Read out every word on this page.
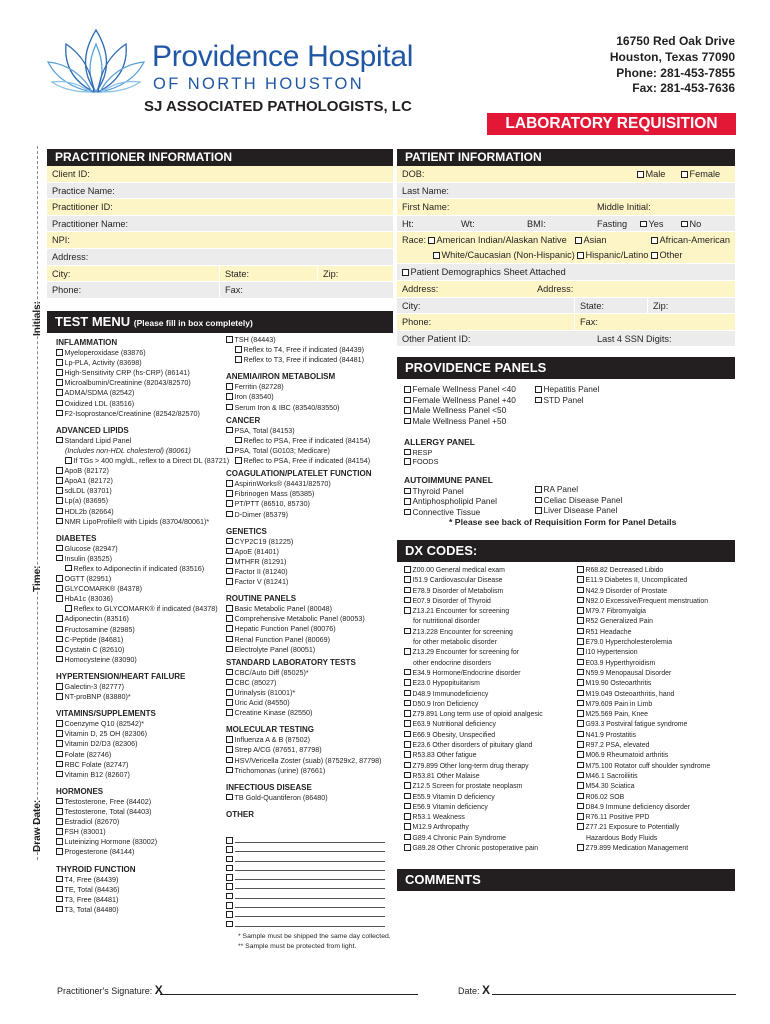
Providence Hospital
OF NORTH HOUSTON
SJ ASSOCIATED PATHOLOGISTS, LC
16750 Red Oak Drive
Houston, Texas 77090
Phone: 281-453-7855
Fax: 281-453-7636
LABORATORY REQUISITION
Initials:
Time:
Draw Date:
PRACTITIONER INFORMATION
Client ID:
Practice Name:
Practitioner ID:
Practitioner Name:
NPI:
Address:
City:	State:	Zip:
Phone:	Fax:
PATIENT INFORMATION
DOB:	Male	Female
Last Name:
First Name:	Middle Initial:
Ht:	Wt:	BMI:	Fasting	Yes	No
Race:	American Indian/Alaskan Native	Asian	African-American
White/Caucasian (Non-Hispanic)	Hispanic/Latino	Other
Patient Demographics Sheet Attached
Address:	Address:
City:	State:	Zip:
Phone:	Fax:
Other Patient ID:	Last 4 SSN Digits:
TEST MENU (Please fill in box completely)
INFLAMMATION
Myeloperoxidase (83876)
Lp-PLA, Activity (83698)
High-Sensitivity CRP (hs-CRP) (86141)
Microalbumin/Creatinine (82043/82570)
ADMA/SDMA (82542)
Oxidized LDL (83516)
F2-Isoprostance/Creatinine (82542/82570)
ADVANCED LIPIDS
Standard Lipid Panel
(Includes non-HDL cholesterol) (80061)
If TGs > 400 mg/dL, reflex to a Direct DL (83721)
ApoB (82172)
ApoA1 (82172)
sdLDL (83701)
Lp(a) (83695)
HDL2b (82664)
NMR LipoProfile® with Lipids (83704/80061)*
DIABETES
Glucose (82947)
Insulin (83525)
Reflex to Adiponectin if indicated (83516)
OGTT (82951)
GLYCOMARK® (84378)
HbA1c (83036)
Reflex to GLYCOMARK® if indicated (84378)
Adiponectin (83516)
Fructosamine (82985)
C-Peptide (84681)
Cystatin C (82610)
Homocysteine (83090)
HYPERTENSION/HEART FAILURE
Galectin-3 (82777)
NT-proBNP (83880)*
VITAMINS/SUPPLEMENTS
Coenzyme Q10 (82542)*
Vitamin D, 25 OH (82306)
Vitamin D2/D3 (82306)
Folate (82746)
RBC Folate (82747)
Vitamin B12 (82607)
HORMONES
Testosterone, Free (84402)
Testosterone, Total (84403)
Estradiol (82670)
FSH (83001)
Luteinizing Hormone (83002)
Progesterone (84144)
THYROID FUNCTION
T4, Free (84439)
TE, Total (84436)
T3, Free (84481)
T3, Total (84480)
TSH (84443)
Reflex to T4, Free if indicated (84439)
Reflex to T3, Free if indicated (84481)
ANEMIA/IRON METABOLISM
Ferritin (82728)
Iron (83540)
Serum Iron & IBC (83540/83550)
CANCER
PSA, Total (84153)
Reflec to PSA, Free if indicated (84154)
PSA, Total (G0103; Medicare)
Reflec to PSA, Free if indicated (84154)
COAGULATION/PLATELET FUNCTION
AspirinWorks® (84431/82570)
Fibrinogen Mass (85385)
PT/PTT (86510, 85730)
D-Dimer (85379)
GENETICS
CYP2C19 (81225)
ApoE (81401)
MTHFR (81291)
Factor II (81240)
Factor V (81241)
ROUTINE PANELS
Basic Metabolic Panel (80048)
Comprehensive Metabolic Panel (80053)
Hepatic Function Panel (80076)
Renal Function Panel (80069)
Electrolyte Panel (80051)
STANDARD LABORATORY TESTS
CBC/Auto Diff (85025)*
CBC (85027)
Urinalysis (81001)*
Uric Acid (84550)
Creatine Kinase (82550)
MOLECULAR TESTING
Influenza A & B (87502)
Strep A/CG (87651, 87798)
HSV/Vericella Zoster (suab) (87529x2, 87798)
Trichomonas (urine) (87661)
INFECTIOUS DISEASE
TB Gold-Quantiferon (86480)
OTHER
* Sample must be shipped the same day collected.
** Sample must be protected from light.
PROVIDENCE PANELS
Female Wellness Panel <40
Female Wellness Panel +40
Male Wellness Panel <50
Male Wellness Panel +50
Hepatitis Panel
STD Panel
ALLERGY PANEL
RESP
FOODS
AUTOIMMUNE PANEL
Thyroid Panel
Antiphospholipid Panel
Connective Tissue
RA Panel
Celiac Disease Panel
Liver Disease Panel
* Please see back of Requisition Form for Panel Details
DX CODES:
Z00.00 General medical exam
I51.9 Cardiovascular Disease
E78.9 Disorder of Metabolism
E07.9 Disorder of Thyroid
Z13.21 Encounter for screening
for nutritional disorder
Z13.228 Encounter for screening
for other metabolic disorder
Z13.29 Encounter for screening for
other endocrine disorders
E34.9 Hormone/Endocrine disorder
E23.0 Hypopituitarism
D48.9 Immunodeficiency
D50.9 Iron Deficiency
Z79.891 Long term use of opioid analgesic
E63.9 Nutritional deficiency
E66.9 Obesity, Unspecified
E23.6 Other disorders of pituitary gland
R53.83 Other fatigue
Z79.899 Other long-term drug therapy
R53.81 Other Malaise
Z12.5 Screen for prostate neoplasm
E55.9 Vitamin D deficiency
E56.9 Vitamin deficiency
R53.1 Weakness
M12.9 Arthropathy
G89.4 Chronic Pain Syndrome
G89.28 Other Chronic postoperative pain
R68.82 Decreased Libido
E11.9 Diabetes II, Uncomplicated
N42.9 Disorder of Prostate
N92.0 Excessive/Frequent menstruation
M79.7 Fibromyalgia
R52 Generalized Pain
R51 Headache
E79.0 Hypercholesterolemia
I10 Hypertension
E03.9 Hyperthyroidism
N59.9 Menopausal Disorder
M19.90 Osteoarthritis
M19.049 Osteoarthritis, hand
M79.609 Pain in Limb
M25.569 Pain, Knee
G93.3 Postviral fatigue syndrome
N41.9 Prostatitis
R97.2 PSA, elevated
M06.9 Rheumatoid arthritis
M75.100 Rotator cuff shoulder syndrome
M46.1 Sacroiliitis
M54.30 Sciatica
R06.02 SOB
D84.9 Immune deficiency disorder
R76.11 Positive PPD
Z77.21 Exposure to Potentially
Hazardous Body Fluids
Z79.899 Medication Management
COMMENTS
Practitioner's Signature: X	Date: X
